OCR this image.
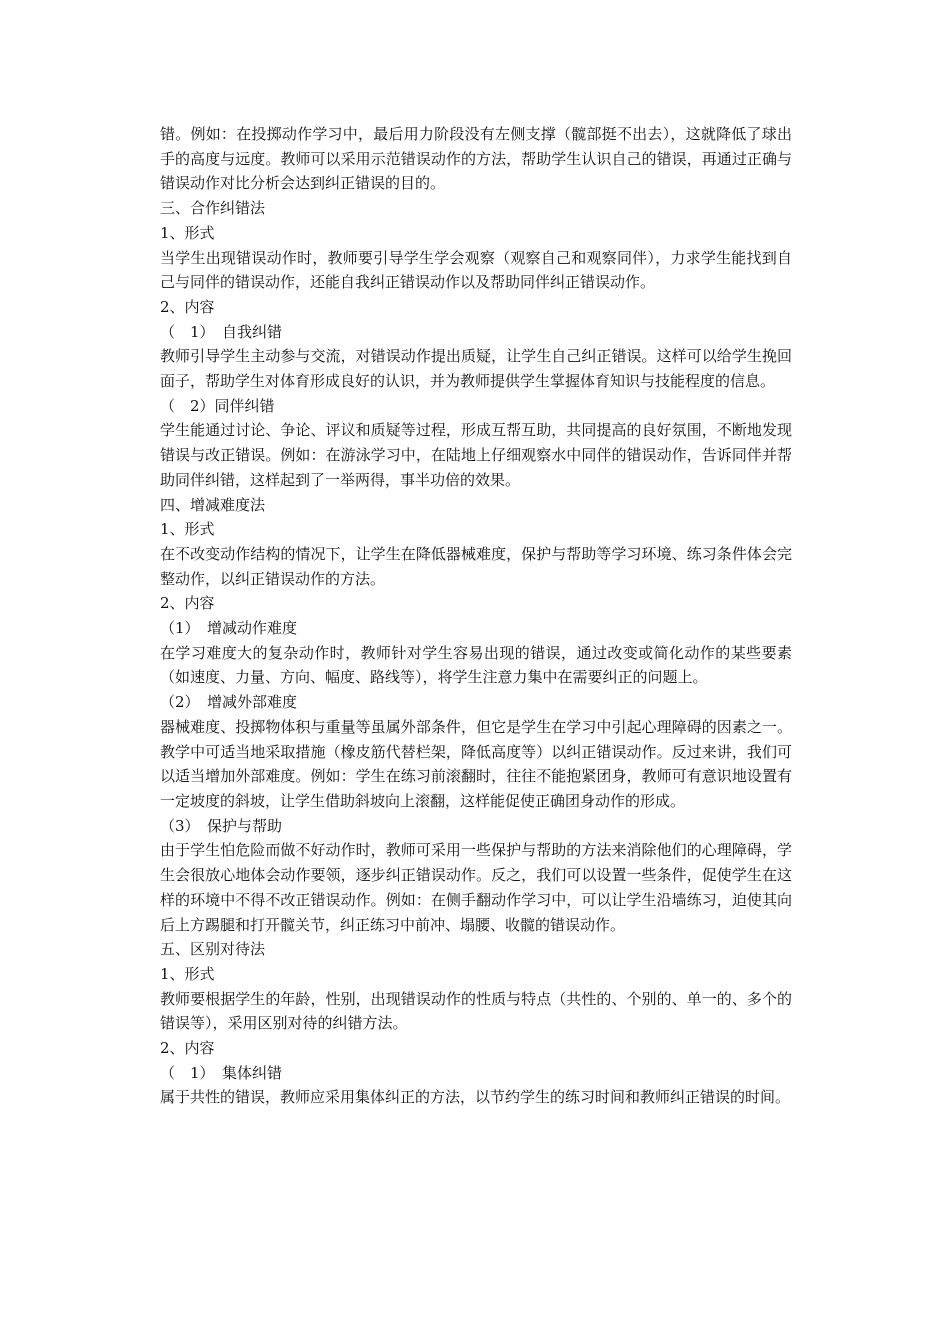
错。例如：在投掷动作学习中，最后用力阶段没有左侧支撑（髋部挺不出去），这就降低了球出手的高度与远度。教师可以采用示范错误动作的方法，帮助学生认识自己的错误，再通过正确与错误动作对比分析会达到纠正错误的目的。

三、合作纠错法

1、形式

当学生出现错误动作时，教师要引导学生学会观察（观察自己和观察同伴），力求学生能找到自己与同伴的错误动作，还能自我纠正错误动作以及帮助同伴纠正错误动作。

2、内容

（　1）　自我纠错

教师引导学生主动参与交流，对错误动作提出质疑，让学生自己纠正错误。这样可以给学生挽回面子，帮助学生对体育形成良好的认识，并为教师提供学生掌握体育知识与技能程度的信息。

（　2）同伴纠错

学生能通过讨论、争论、评议和质疑等过程，形成互帮互助，共同提高的良好氛围，不断地发现错误与改正错误。例如：在游泳学习中，在陆地上仔细观察水中同伴的错误动作，告诉同伴并帮助同伴纠错，这样起到了一举两得，事半功倍的效果。

四、增减难度法

1、形式

在不改变动作结构的情况下，让学生在降低器械难度，保护与帮助等学习环境、练习条件体会完整动作，以纠正错误动作的方法。

2、内容

（1）　增减动作难度

在学习难度大的复杂动作时，教师针对学生容易出现的错误，通过改变或简化动作的某些要素（如速度、力量、方向、幅度、路线等），将学生注意力集中在需要纠正的问题上。

（2）　增减外部难度

器械难度、投掷物体积与重量等虽属外部条件，但它是学生在学习中引起心理障碍的因素之一。教学中可适当地采取措施（橡皮筋代替栏架，降低高度等）以纠正错误动作。反过来讲，我们可以适当增加外部难度。例如：学生在练习前滚翻时，往往不能抱紧团身，教师可有意识地设置有一定坡度的斜坡，让学生借助斜坡向上滚翻，这样能促使正确团身动作的形成。

（3）　保护与帮助

由于学生怕危险而做不好动作时，教师可采用一些保护与帮助的方法来消除他们的心理障碍，学生会很放心地体会动作要领，逐步纠正错误动作。反之，我们可以设置一些条件，促使学生在这样的环境中不得不改正错误动作。例如：在侧手翻动作学习中，可以让学生沿墙练习，迫使其向后上方踢腿和打开髋关节，纠正练习中前冲、塌腰、收髋的错误动作。

五、区别对待法

1、形式

教师要根据学生的年龄，性别，出现错误动作的性质与特点（共性的、个别的、单一的、多个的错误等），采用区别对待的纠错方法。

2、内容

（　1）　集体纠错

属于共性的错误，教师应采用集体纠正的方法，以节约学生的练习时间和教师纠正错误的时间。
